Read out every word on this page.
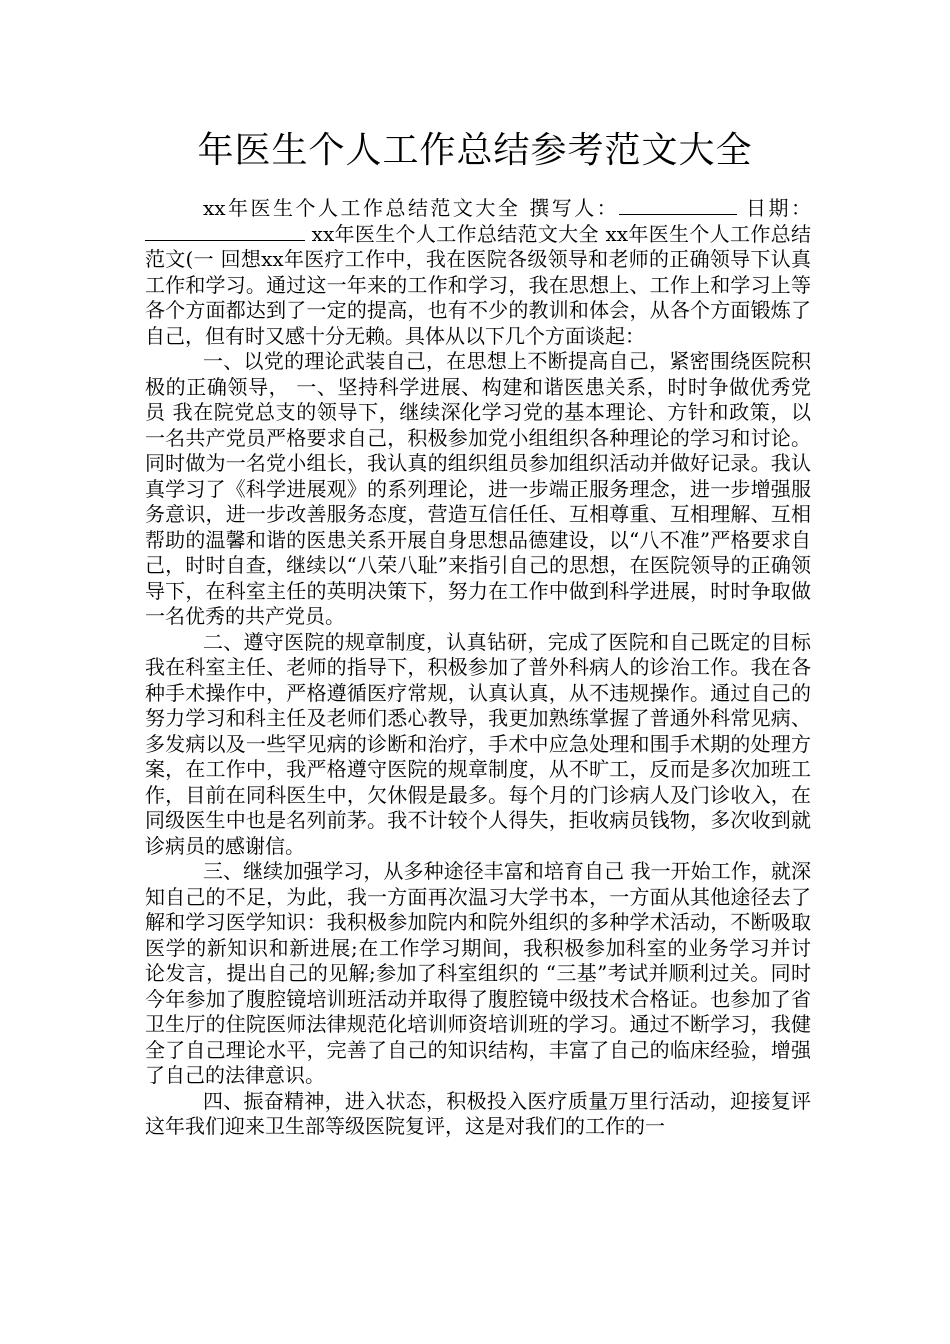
年医生个人工作总结参考范文大全

xx年医生个人工作总结范文大全 撰写人：	日期： xx年医生个人工作总结范文大全 xx年医生个人工作总结范文(一 回想xx年医疗工作中，我在医院各级领导和老师的正确领导下认真工作和学习。通过这一年来的工作和学习，我在思想上、工作上和学习上等各个方面都达到了一定的提高，也有不少的教训和体会，从各个方面锻炼了自己，但有时又感十分无赖。具体从以下几个方面谈起：

一、以党的理论武装自己，在思想上不断提高自己，紧密围绕医院积极的正确领导， 一、坚持科学进展、构建和谐医患关系，时时争做优秀党员 我在院党总支的领导下，继续深化学习党的基本理论、方针和政策，以一名共产党员严格要求自己，积极参加党小组组织各种理论的学习和讨论。同时做为一名党小组长，我认真的组织组员参加组织活动并做好记录。我认真学习了《科学进展观》的系列理论，进一步端正服务理念，进一步增强服务意识，进一步改善服务态度，营造互信任任、互相尊重、互相理解、互相帮助的温馨和谐的医患关系开展自身思想品德建设，以“八不准”严格要求自己，时时自查，继续以“八荣八耻”来指引自己的思想，在医院领导的正确领导下，在科室主任的英明决策下，努力在工作中做到科学进展，时时争取做一名优秀的共产党员。

二、遵守医院的规章制度，认真钻研，完成了医院和自己既定的目标 我在科室主任、老师的指导下，积极参加了普外科病人的诊治工作。我在各种手术操作中，严格遵循医疗常规，认真认真，从不违规操作。通过自己的努力学习和科主任及老师们悉心教导，我更加熟练掌握了普通外科常见病、多发病以及一些罕见病的诊断和治疗，手术中应急处理和围手术期的处理方案，在工作中，我严格遵守医院的规章制度，从不旷工，反而是多次加班工作，目前在同科医生中，欠休假是最多。每个月的门诊病人及门诊收入，在同级医生中也是名列前茅。我不计较个人得失，拒收病员钱物，多次收到就诊病员的感谢信。

三、继续加强学习，从多种途径丰富和培育自己 我一开始工作，就深知自己的不足，为此，我一方面再次温习大学书本，一方面从其他途径去了解和学习医学知识：我积极参加院内和院外组织的多种学术活动，不断吸取医学的新知识和新进展;在工作学习期间，我积极参加科室的业务学习并讨论发言，提出自己的见解;参加了科室组织的 “三基”考试并顺利过关。同时今年参加了腹腔镜培训班活动并取得了腹腔镜中级技术合格证。也参加了省卫生厅的住院医师法律规范化培训师资培训班的学习。通过不断学习，我健全了自己理论水平，完善了自己的知识结构，丰富了自己的临床经验，增强了自己的法律意识。

四、振奋精神，进入状态，积极投入医疗质量万里行活动，迎接复评 这年我们迎来卫生部等级医院复评，这是对我们的工作的一
